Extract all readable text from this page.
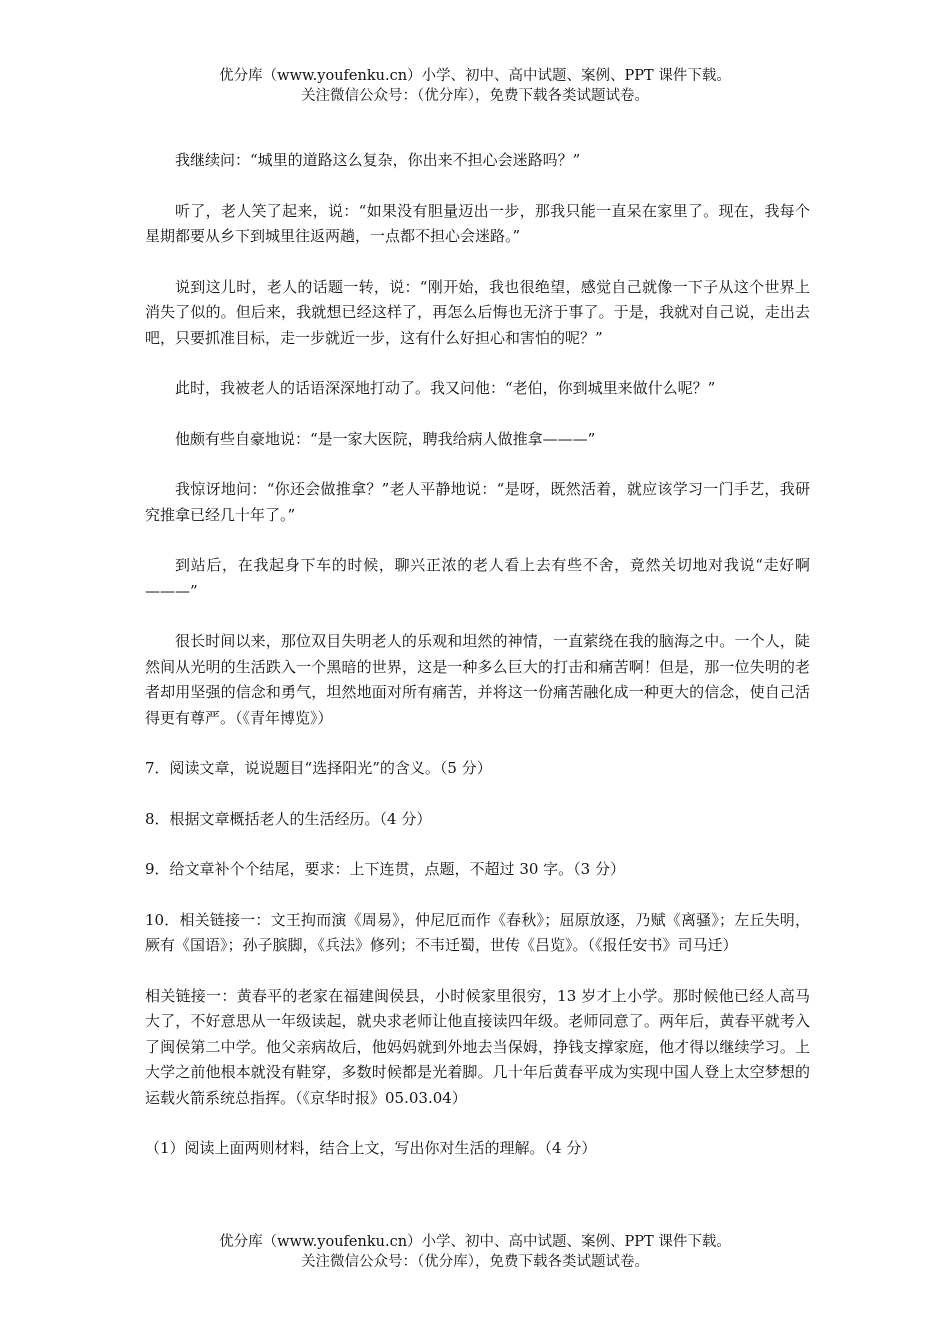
优分库（www.youfenku.cn）小学、初中、高中试题、案例、PPT 课件下载。
关注微信公众号：（优分库），免费下载各类试题试卷。

我继续问：“城里的道路这么复杂，你出来不担心会迷路吗？”

听了，老人笑了起来，说：“如果没有胆量迈出一步，那我只能一直呆在家里了。现在，我每个星期都要从乡下到城里往返两趟，一点都不担心会迷路。”

说到这儿时，老人的话题一转，说：“刚开始，我也很绝望，感觉自己就像一下子从这个世界上消失了似的。但后来，我就想已经这样了，再怎么后悔也无济于事了。于是，我就对自己说，走出去吧，只要抓准目标，走一步就近一步，这有什么好担心和害怕的呢？”

此时，我被老人的话语深深地打动了。我又问他：“老伯，你到城里来做什么呢？”

他颇有些自豪地说：“是一家大医院，聘我给病人做推拿———”

我惊讶地问：“你还会做推拿？”老人平静地说：“是呀，既然活着，就应该学习一门手艺，我研究推拿已经几十年了。”

到站后，在我起身下车的时候，聊兴正浓的老人看上去有些不舍，竟然关切地对我说“走好啊———”

很长时间以来，那位双目失明老人的乐观和坦然的神情，一直萦绕在我的脑海之中。一个人，陡然间从光明的生活跌入一个黑暗的世界，这是一种多么巨大的打击和痛苦啊！但是，那一位失明的老者却用坚强的信念和勇气，坦然地面对所有痛苦，并将这一份痛苦融化成一种更大的信念，使自己活得更有尊严。（《青年博览》）

7．阅读文章，说说题目“选择阳光”的含义。（5 分）

8．根据文章概括老人的生活经历。（4 分）

9．给文章补个个结尾，要求：上下连贯，点题，不超过 30 字。（3 分）

10．相关链接一：文王拘而演《周易》，仲尼厄而作《春秋》；屈原放逐，乃赋《离骚》；左丘失明，厥有《国语》；孙子膑脚，《兵法》修列；不韦迁蜀，世传《吕览》。（《报任安书》司马迁）

相关链接一：黄春平的老家在福建闽侯县，小时候家里很穷，13 岁才上小学。那时候他已经人高马大了，不好意思从一年级读起，就央求老师让他直接读四年级。老师同意了。两年后，黄春平就考入了闽侯第二中学。他父亲病故后，他妈妈就到外地去当保姆，挣钱支撑家庭，他才得以继续学习。上大学之前他根本就没有鞋穿，多数时候都是光着脚。几十年后黄春平成为实现中国人登上太空梦想的运载火箭系统总指挥。（《京华时报》05.03.04）

（1）阅读上面两则材料，结合上文，写出你对生活的理解。（4 分）

优分库（www.youfenku.cn）小学、初中、高中试题、案例、PPT 课件下载。
关注微信公众号：（优分库），免费下载各类试题试卷。
